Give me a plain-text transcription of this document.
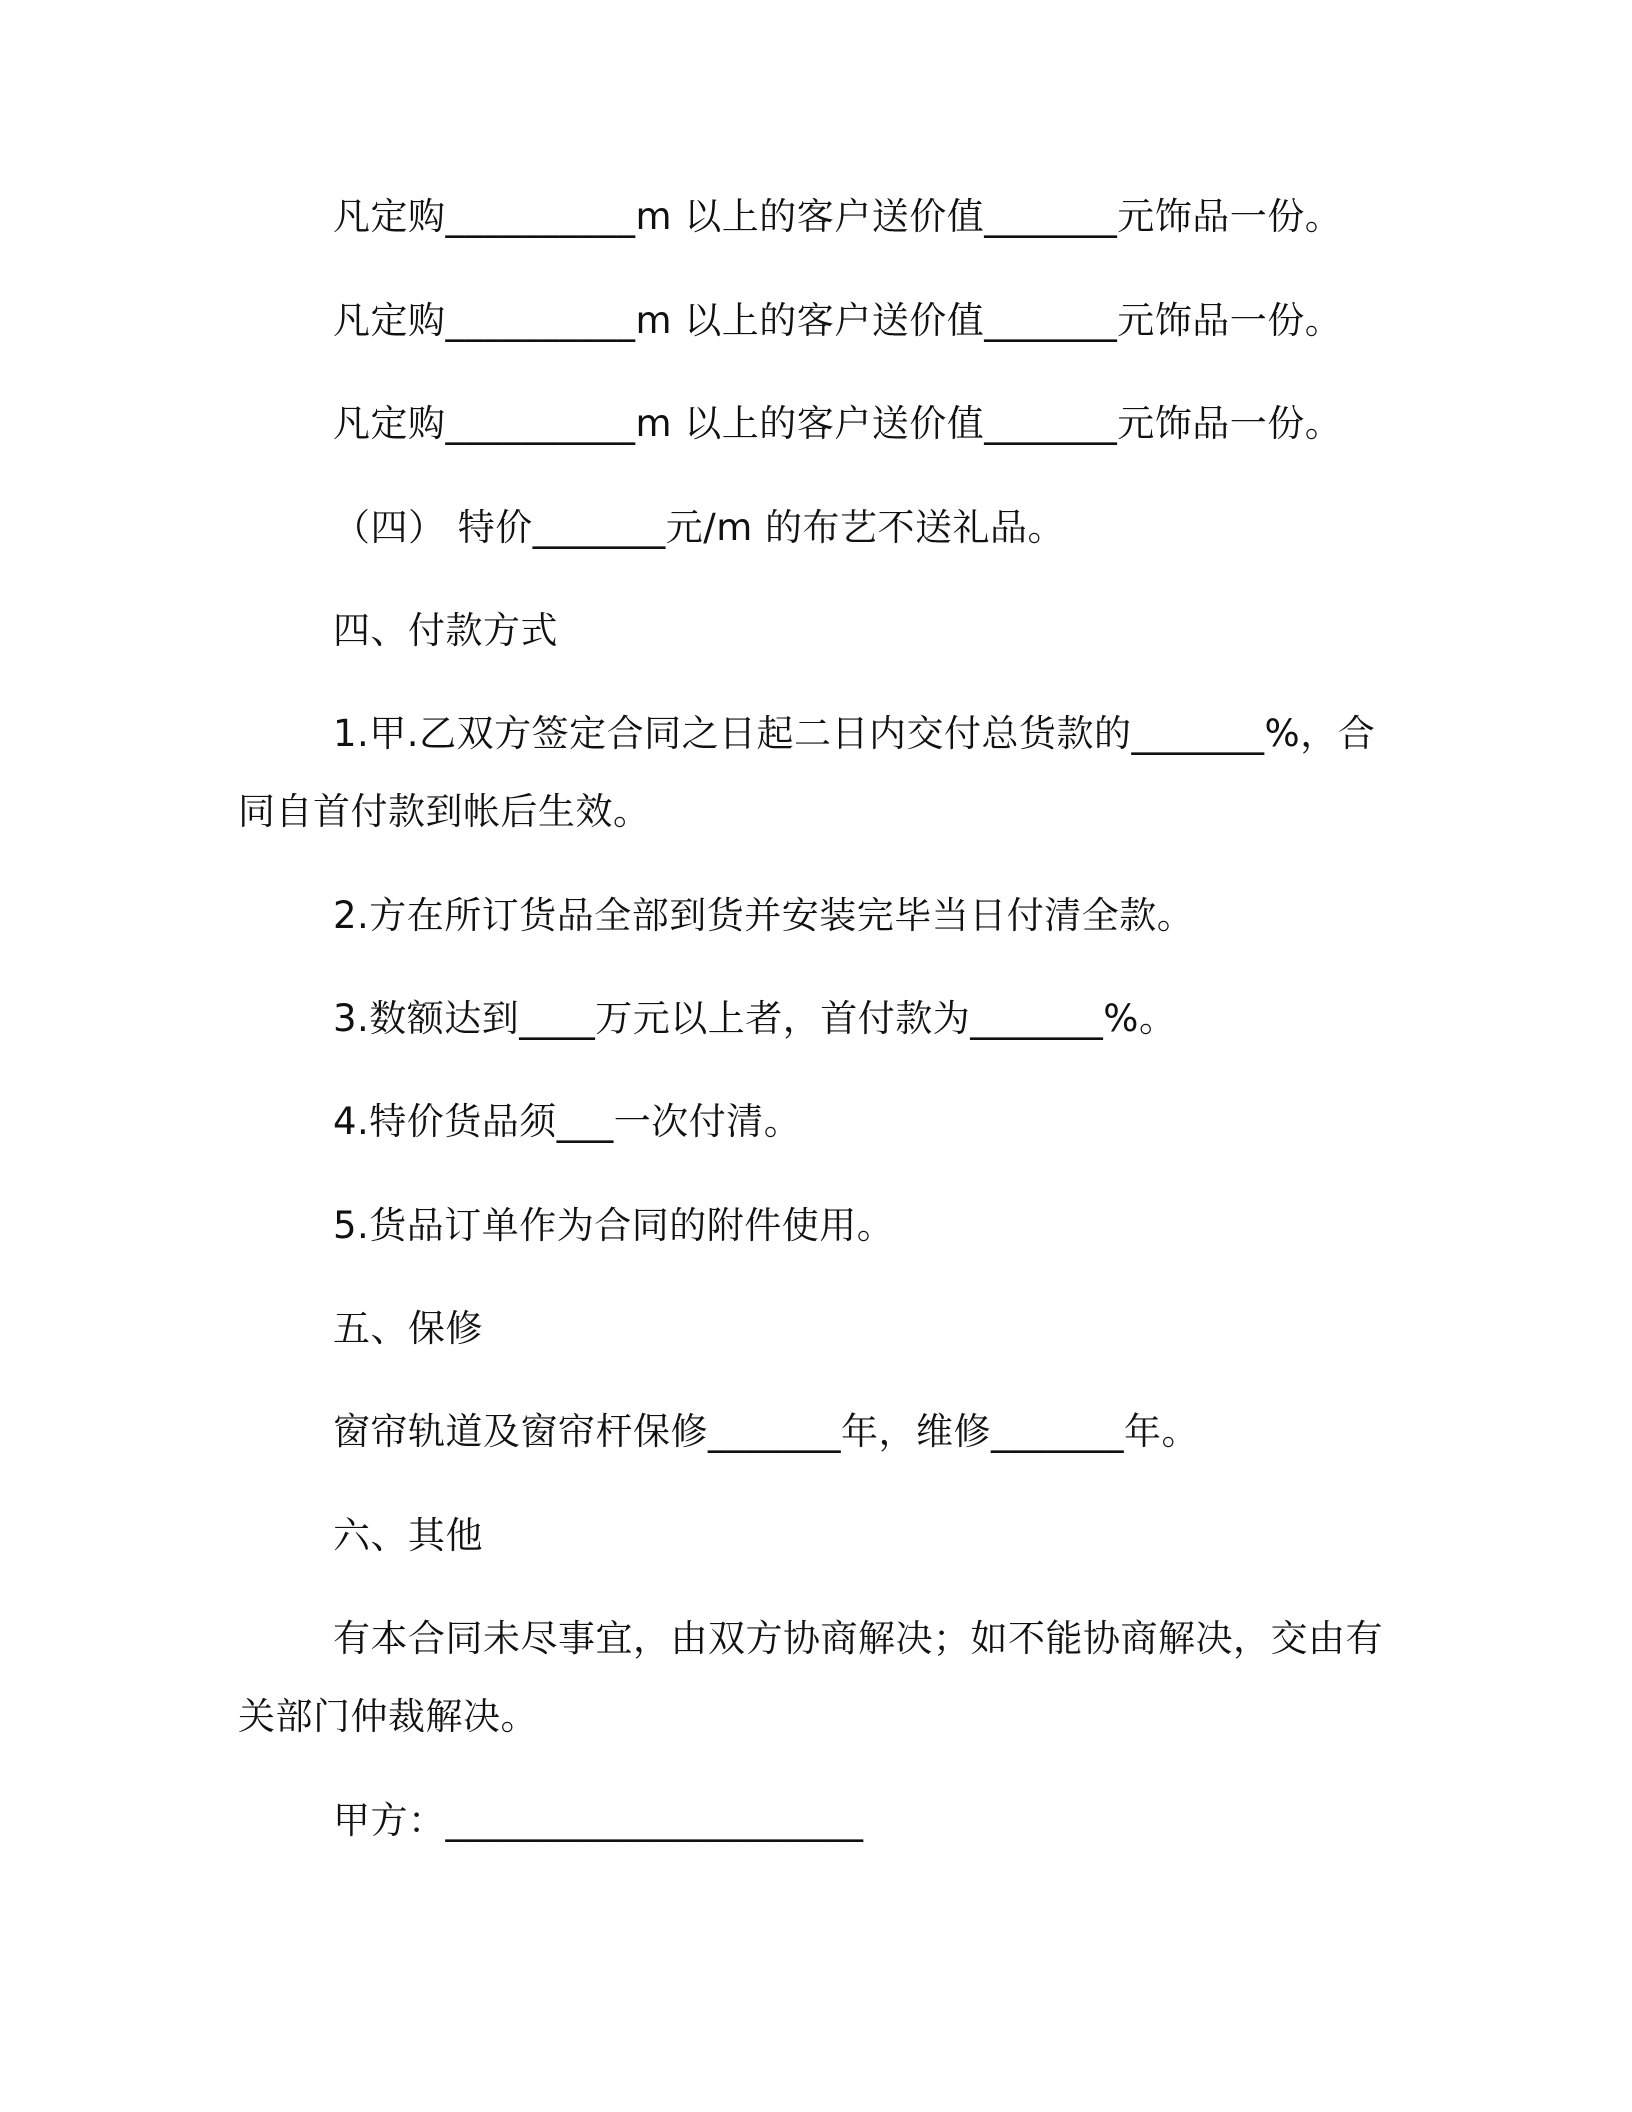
凡定购__________m 以上的客户送价值_______元饰品一份。
凡定购__________m 以上的客户送价值_______元饰品一份。
凡定购__________m 以上的客户送价值_______元饰品一份。
（四） 特价_______元/m 的布艺不送礼品。
四、付款方式
1.甲.乙双方签定合同之日起二日内交付总货款的_______%，合
同自首付款到帐后生效。
2.方在所订货品全部到货并安装完毕当日付清全款。
3.数额达到____万元以上者，首付款为_______%。
4.特价货品须___一次付清。
5.货品订单作为合同的附件使用。
五、保修
窗帘轨道及窗帘杆保修_______年，维修_______年。
六、其他
有本合同未尽事宜，由双方协商解决；如不能协商解决，交由有
关部门仲裁解决。
甲方：______________________
